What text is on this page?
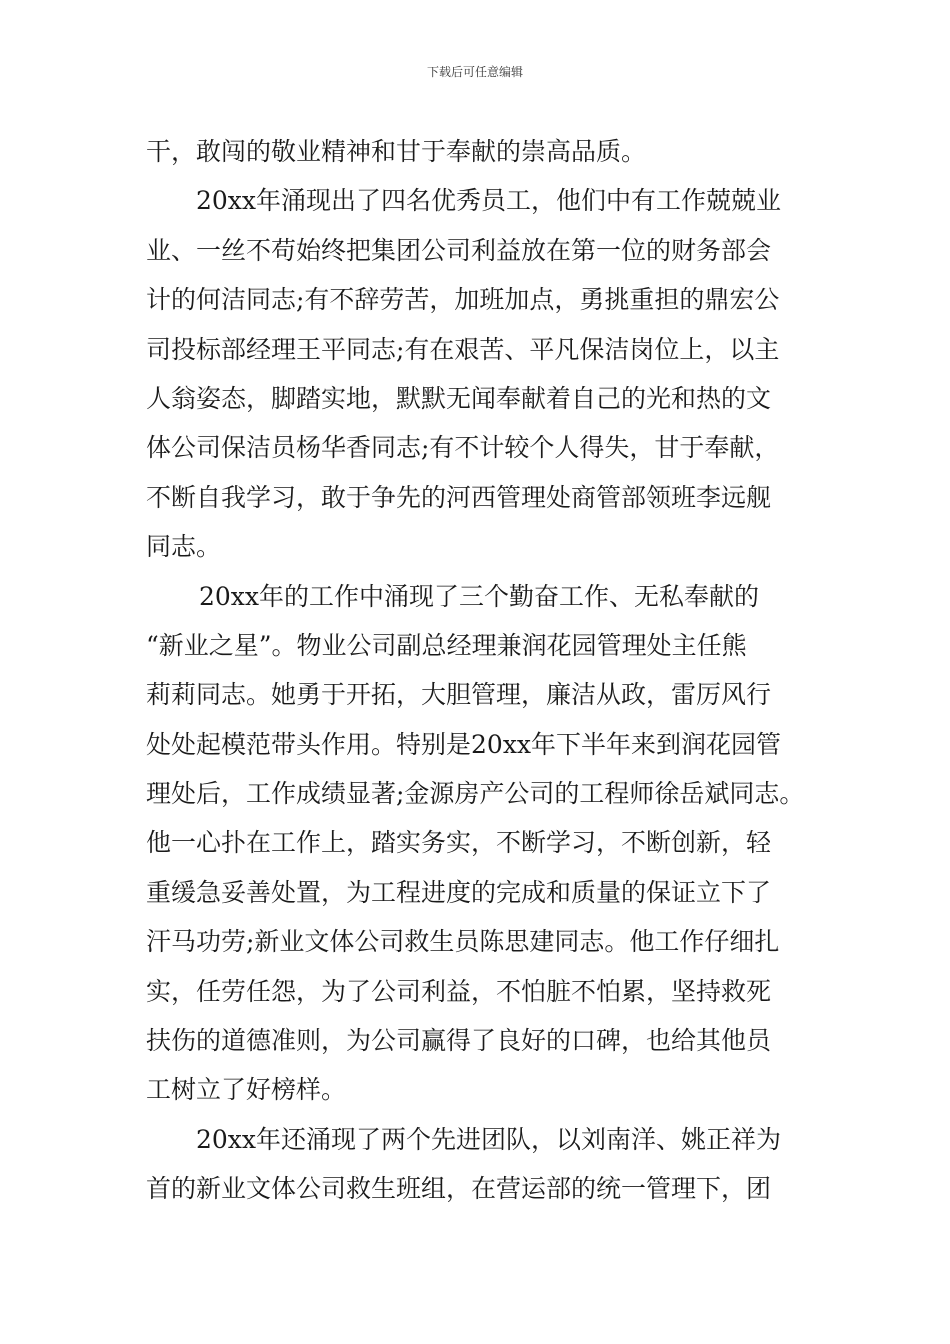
下载后可任意编辑
干，敢闯的敬业精神和甘于奉献的崇高品质。
20xx年涌现出了四名优秀员工，他们中有工作兢兢业
业、一丝不苟始终把集团公司利益放在第一位的财务部会
计的何洁同志;有不辞劳苦，加班加点，勇挑重担的鼎宏公
司投标部经理王平同志;有在艰苦、平凡保洁岗位上，以主
人翁姿态，脚踏实地，默默无闻奉献着自己的光和热的文
体公司保洁员杨华香同志;有不计较个人得失，甘于奉献，
不断自我学习，敢于争先的河西管理处商管部领班李远舰
同志。
20xx年的工作中涌现了三个勤奋工作、无私奉献的
“新业之星”。物业公司副总经理兼润花园管理处主任熊
莉莉同志。她勇于开拓，大胆管理，廉洁从政，雷厉风行
处处起模范带头作用。特别是20xx年下半年来到润花园管
理处后，工作成绩显著;金源房产公司的工程师徐岳斌同志。
他一心扑在工作上，踏实务实，不断学习，不断创新，轻
重缓急妥善处置，为工程进度的完成和质量的保证立下了
汗马功劳;新业文体公司救生员陈思建同志。他工作仔细扎
实，任劳任怨，为了公司利益，不怕脏不怕累，坚持救死
扶伤的道德准则，为公司赢得了良好的口碑，也给其他员
工树立了好榜样。
20xx年还涌现了两个先进团队，以刘南洋、姚正祥为
首的新业文体公司救生班组，在营运部的统一管理下，团
